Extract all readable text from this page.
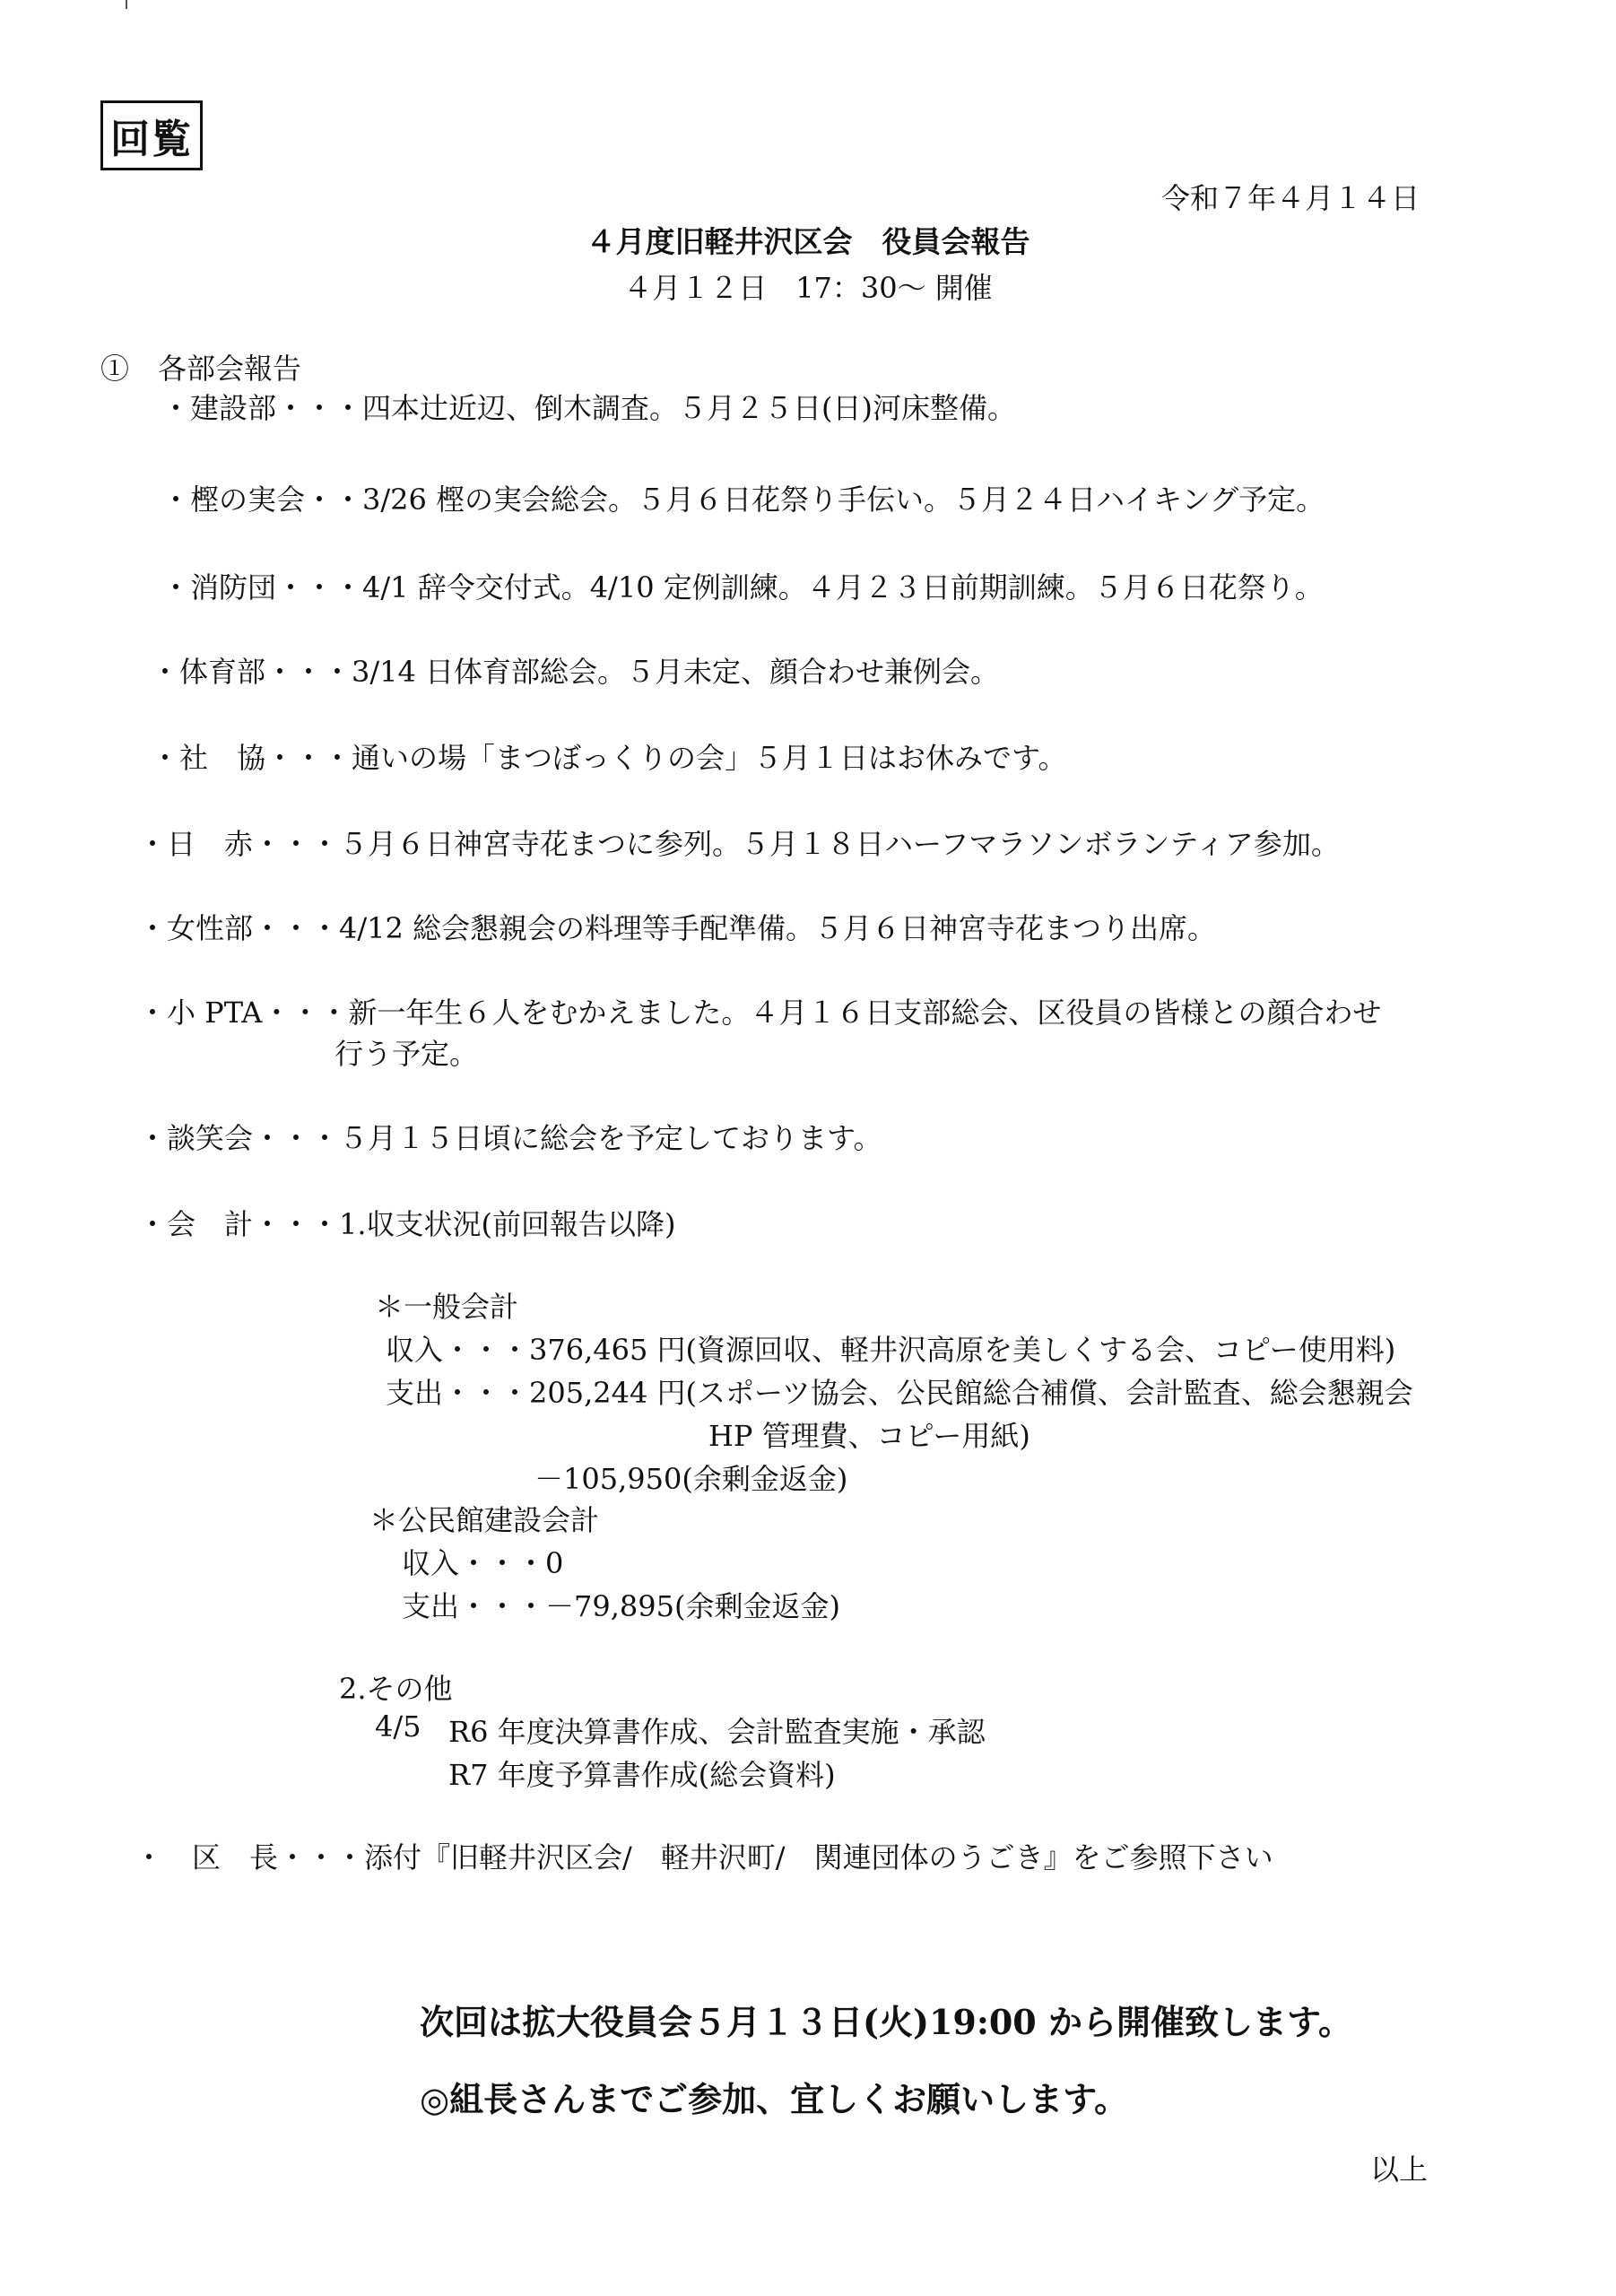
回覧
令和７年４月１４日
４月度旧軽井沢区会　役員会報告
４月１２日　17：30～ 開催
①　各部会報告
・建設部・・・四本辻近辺、倒木調査。５月２５日(日)河床整備。
・樫の実会・・3/26 樫の実会総会。５月６日花祭り手伝い。５月２４日ハイキング予定。
・消防団・・・4/1 辞令交付式。4/10 定例訓練。４月２３日前期訓練。５月６日花祭り。
・体育部・・・3/14 日体育部総会。５月未定、顔合わせ兼例会。
・社　協・・・通いの場「まつぼっくりの会」５月１日はお休みです。
・日　赤・・・５月６日神宮寺花まつに参列。５月１８日ハーフマラソンボランティア参加。
・女性部・・・4/12 総会懇親会の料理等手配準備。５月６日神宮寺花まつり出席。
・小 PTA・・・新一年生６人をむかえました。４月１６日支部総会、区役員の皆様との顔合わせ
行う予定。
・談笑会・・・５月１５日頃に総会を予定しております。
・会　計・・・1.収支状況(前回報告以降)
＊一般会計
収入・・・376,465 円(資源回収、軽井沢高原を美しくする会、コピー使用料)
支出・・・205,244 円(スポーツ協会、公民館総合補償、会計監査、総会懇親会
HP 管理費、コピー用紙)
－105,950(余剰金返金)
＊公民館建設会計
収入・・・0
支出・・・－79,895(余剰金返金)
2.その他
4/5 R6 年度決算書作成、会計監査実施・承認
R7 年度予算書作成(総会資料)
・　区　長・・・添付『旧軽井沢区会/　軽井沢町/　関連団体のうごき』をご参照下さい
次回は拡大役員会５月１３日(火)19:00 から開催致します。
◎組長さんまでご参加、宜しくお願いします。
以上
